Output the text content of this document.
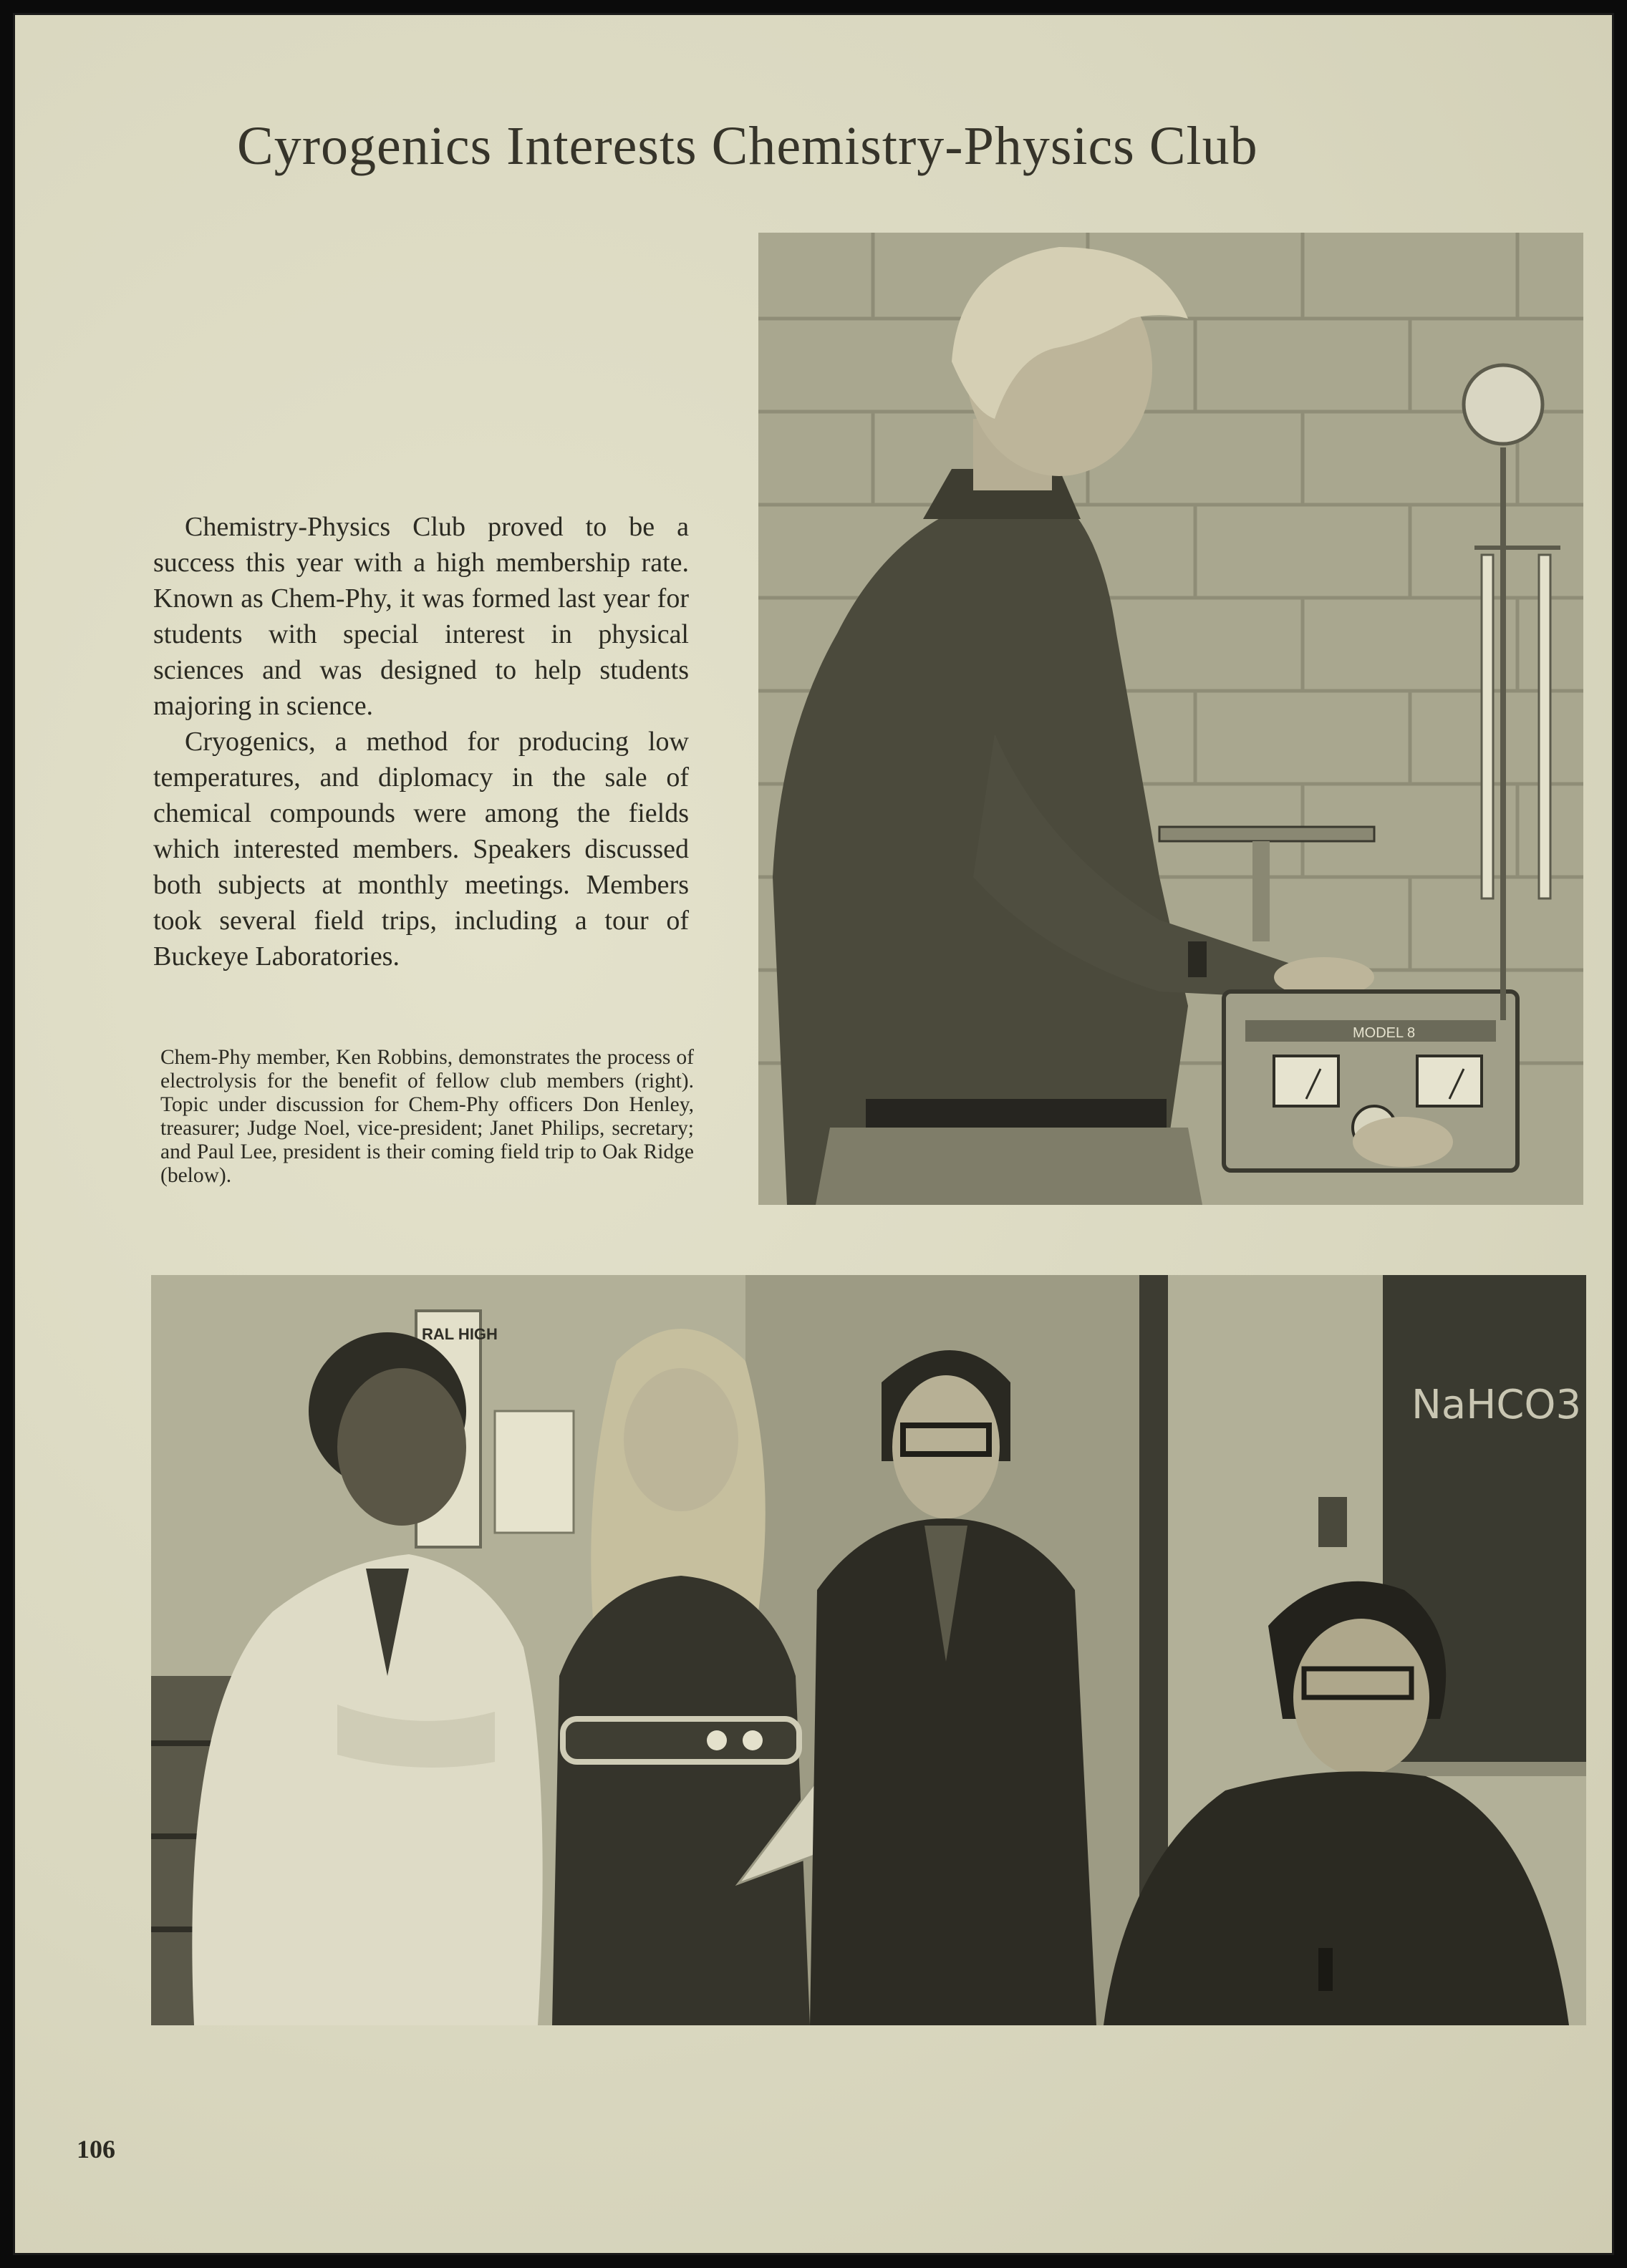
Cyrogenics Interests Chemistry-Physics Club

Chemistry-Physics Club proved to be a success this year with a high membership rate. Known as Chem-Phy, it was formed last year for students with special interest in physical sciences and was designed to help students majoring in science.

Cryogenics, a method for producing low temperatures, and diplomacy in the sale of chemical compounds were among the fields which interested members. Speakers discussed both subjects at monthly meetings. Members took several field trips, including a tour of Buckeye Laboratories.

Chem-Phy member, Ken Robbins, demonstrates the process of electrolysis for the benefit of fellow club members (right). Topic under discussion for Chem-Phy officers Don Henley, treasurer; Judge Noel, vice-president; Janet Philips, secretary; and Paul Lee, president is their coming field trip to Oak Ridge (below).
MODEL 8
RAL HIGH
NaHCO3
106
